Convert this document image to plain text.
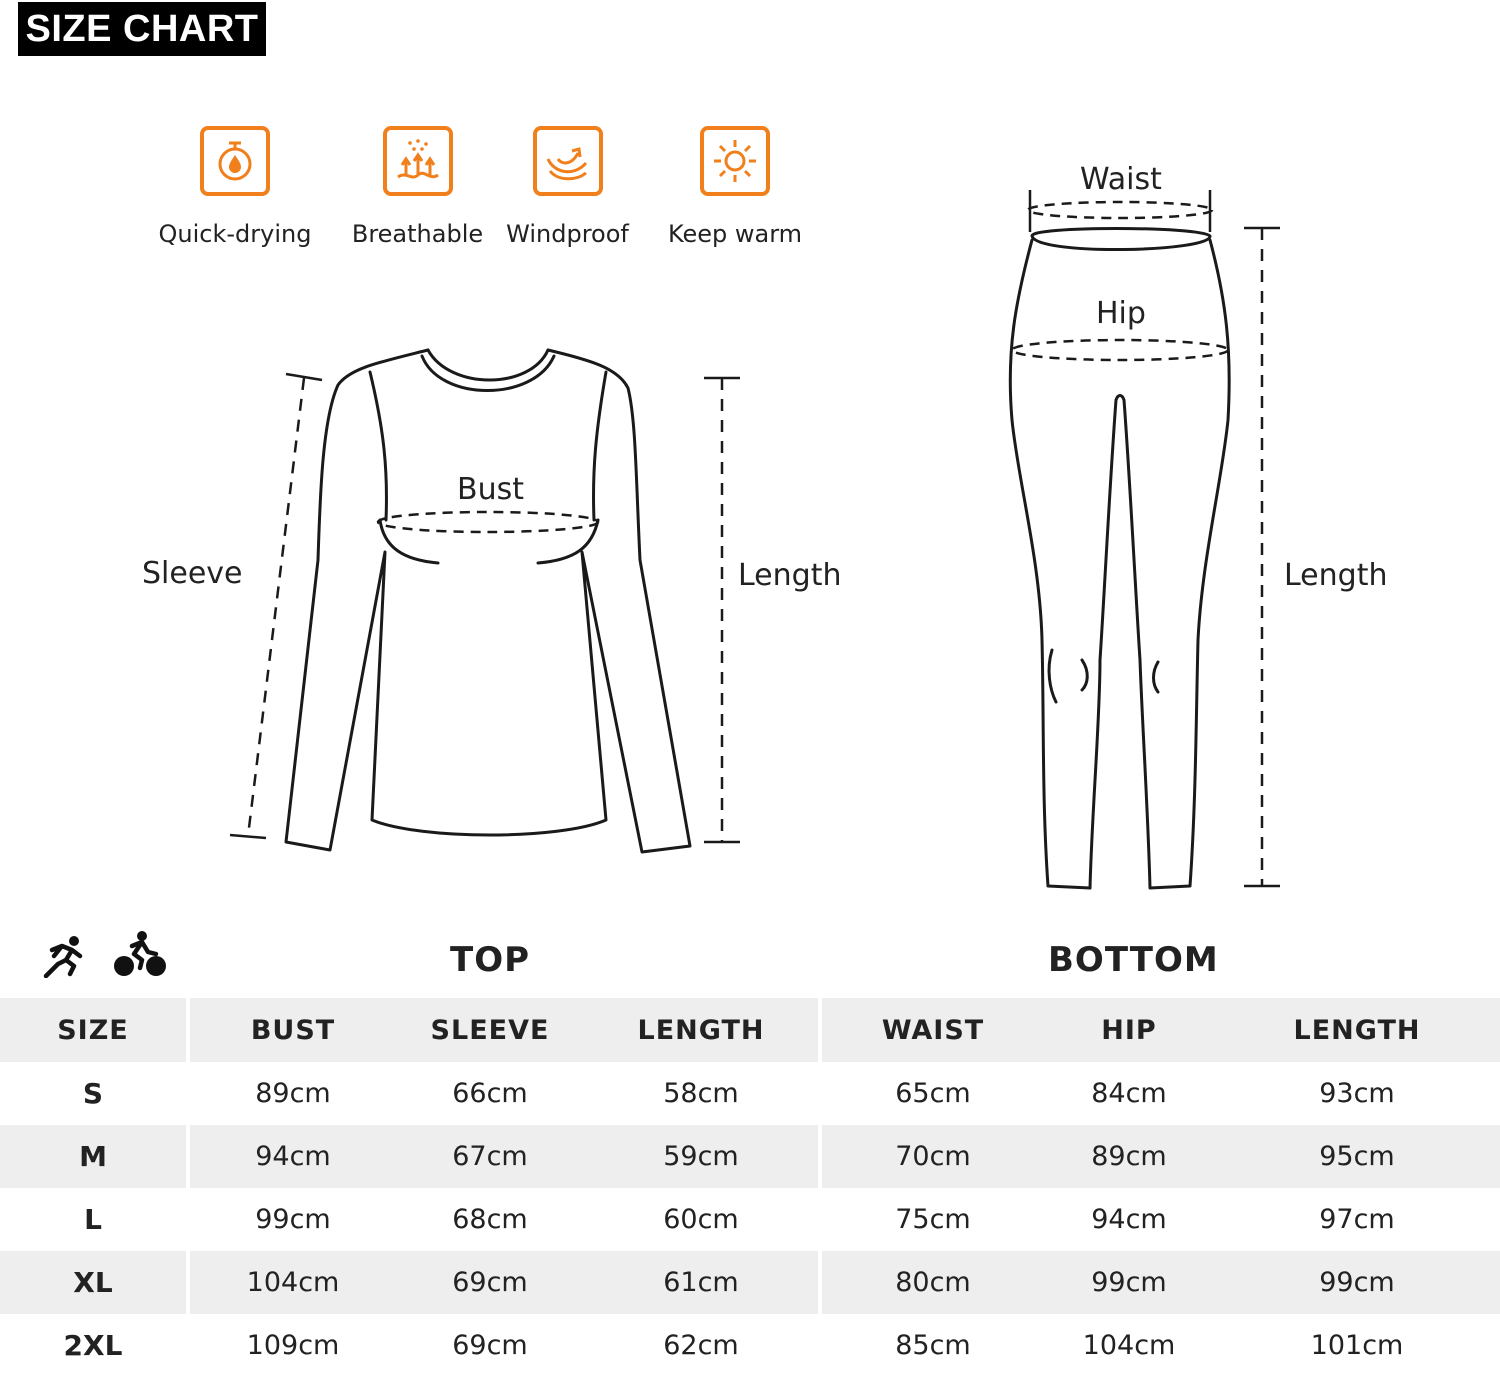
SIZE CHART
Quick-drying	Breathable Windproof	Keep warm
Bust
Sleeve	Length
Waist
Hip
Length
TOP	BOTTOM
SIZE	BUST	SLEEVE	LENGTH	WAIST	HIP	LENGTH
S	89cm	66cm	58cm	65cm	84cm	93cm
M	94cm	67cm	59cm	70cm	89cm	95cm
L	99cm	68cm	60cm	75cm	94cm	97cm
XL	104cm	69cm	61cm	80cm	99cm	99cm
2XL	109cm	69cm	62cm	85cm	104cm	101cm
